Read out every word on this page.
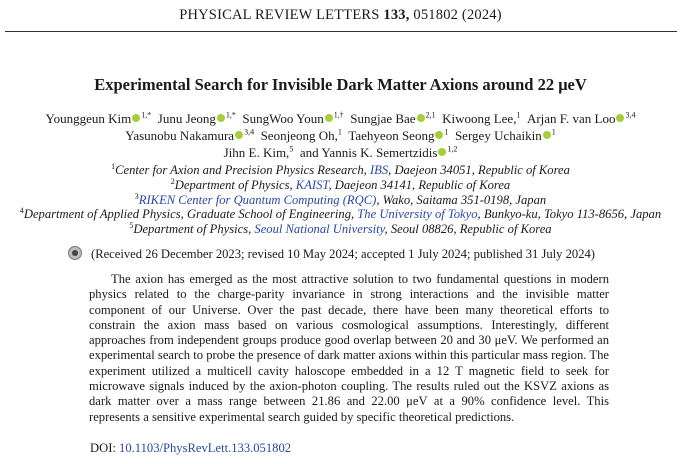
PHYSICAL REVIEW LETTERS 133, 051802 (2024)
Experimental Search for Invisible Dark Matter Axions around 22 μeV
Younggeun Kim $^{1,*}$ Junu Jeong $^{1,*}$ SungWoo Youn $^{1,\dagger}$ Sungjae Bae $^{2,1}$ Kiwoong Lee,$^1$ Arjan F. van Loo $^{3,4}$
Yasunobu Nakamura $^{3,4}$ Seonjeong Oh,$^1$ Taehyeon Seong $^1$ Sergey Uchaikin $^1$
Jihn E. Kim,$^5$ and Yannis K. Semertzidis $^{1,2}$
$^1$Center for Axion and Precision Physics Research, IBS, Daejeon 34051, Republic of Korea
$^2$Department of Physics, KAIST, Daejeon 34141, Republic of Korea
$^3$RIKEN Center for Quantum Computing (RQC), Wako, Saitama 351-0198, Japan
$^4$Department of Applied Physics, Graduate School of Engineering, The University of Tokyo, Bunkyo-ku, Tokyo 113-8656, Japan
$^5$Department of Physics, Seoul National University, Seoul 08826, Republic of Korea
(Received 26 December 2023; revised 10 May 2024; accepted 1 July 2024; published 31 July 2024)

The axion has emerged as the most attractive solution to two fundamental questions in modern physics related to the charge-parity invariance in strong interactions and the invisible matter component of our Universe. Over the past decade, there have been many theoretical efforts to constrain the axion mass based on various cosmological assumptions. Interestingly, different approaches from independent groups produce good overlap between 20 and 30 μeV. We performed an experimental search to probe the presence of dark matter axions within this particular mass region. The experiment utilized a multicell cavity haloscope embedded in a 12 T magnetic field to seek for microwave signals induced by the axion-photon coupling. The results ruled out the KSVZ axions as dark matter over a mass range between 21.86 and 22.00 μeV at a 90% confidence level. This represents a sensitive experimental search guided by specific theoretical predictions.

DOI: 10.1103/PhysRevLett.133.051802
